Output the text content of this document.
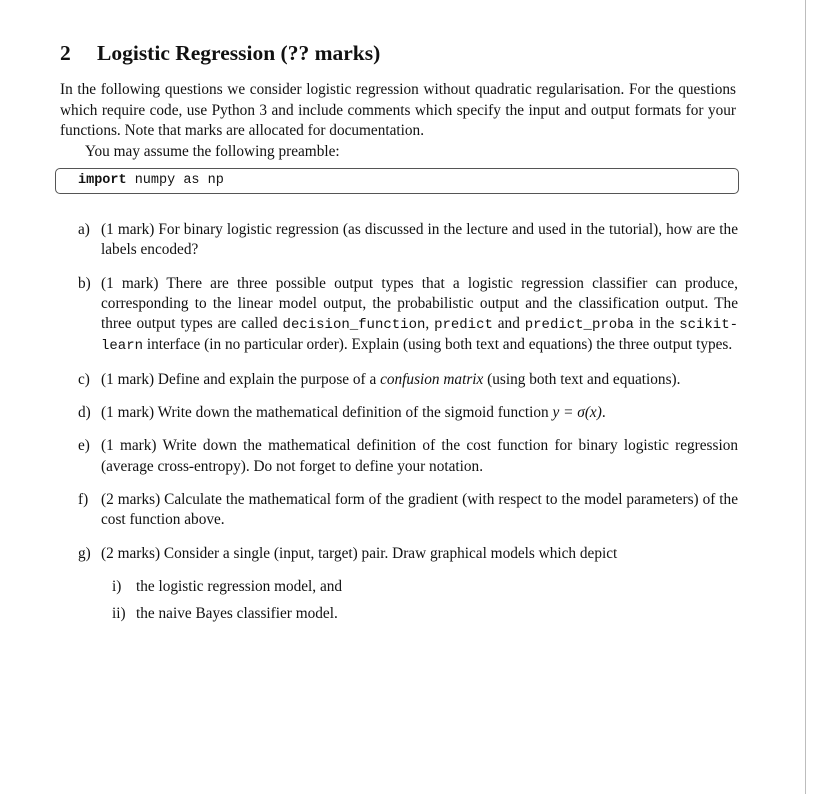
2 Logistic Regression (?? marks)

In the following questions we consider logistic regression without quadratic regularisation. For the questions which require code, use Python 3 and include comments which specify the input and output formats for your functions. Note that marks are allocated for documentation.

You may assume the following preamble:

import numpy as np
a) (1 mark) For binary logistic regression (as discussed in the lecture and used in the tutorial), how are the labels encoded?
b) (1 mark) There are three possible output types that a logistic regression classifier can produce, corresponding to the linear model output, the probabilistic output and the classification output. The three output types are called decision_function, predict and predict_proba in the scikit-learn interface (in no particular order). Explain (using both text and equations) the three output types.
c) (1 mark) Define and explain the purpose of a confusion matrix (using both text and equations).
d) (1 mark) Write down the mathematical definition of the sigmoid function y = σ(x).
e) (1 mark) Write down the mathematical definition of the cost function for binary logistic regression (average cross-entropy). Do not forget to define your notation.
f) (2 marks) Calculate the mathematical form of the gradient (with respect to the model parameters) of the cost function above.
g) (2 marks) Consider a single (input, target) pair. Draw graphical models which depict
i) the logistic regression model, and
ii) the naive Bayes classifier model.
